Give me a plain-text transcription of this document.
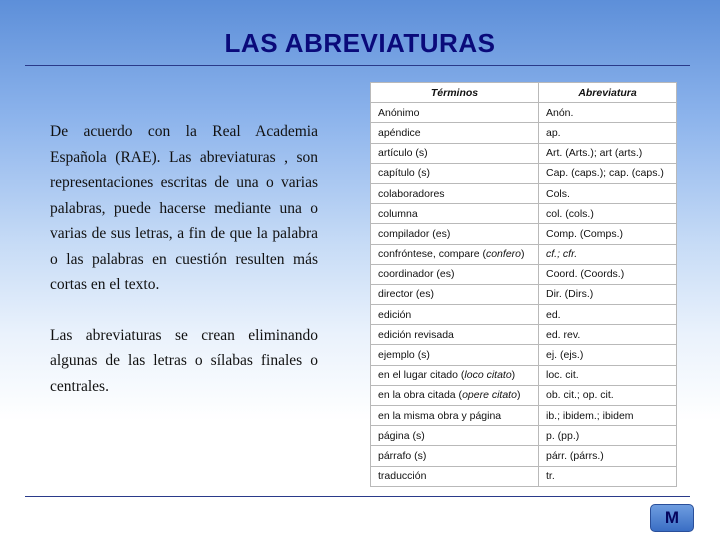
LAS ABREVIATURAS

De acuerdo con la Real Academia Española (RAE). Las abreviaturas , son representaciones escritas de una o varias palabras, puede hacerse mediante una o varias de sus letras, a fin de que la palabra o las palabras en cuestión resulten más cortas en el texto.

Las abreviaturas se crean eliminando algunas de las letras o sílabas finales o centrales.

Términos	Abreviatura
Anónimo	Anón.
apéndice	ap.
artículo (s)	Art. (Arts.); art (arts.)
capítulo (s)	Cap. (caps.); cap. (caps.)
colaboradores	Cols.
columna	col. (cols.)
compilador (es)	Comp. (Comps.)
confróntese, compare (confero)	cf.; cfr.
coordinador (es)	Coord. (Coords.)
director (es)	Dir. (Dirs.)
edición	ed.
edición revisada	ed. rev.
ejemplo (s)	ej. (ejs.)
en el lugar citado (loco citato)	loc. cit.
en la obra citada (opere citato)	ob. cit.; op. cit.
en la misma obra y página	ib.; ibidem.; ibidem
página (s)	p. (pp.)
párrafo (s)	párr. (párrs.)
traducción	tr.
M
